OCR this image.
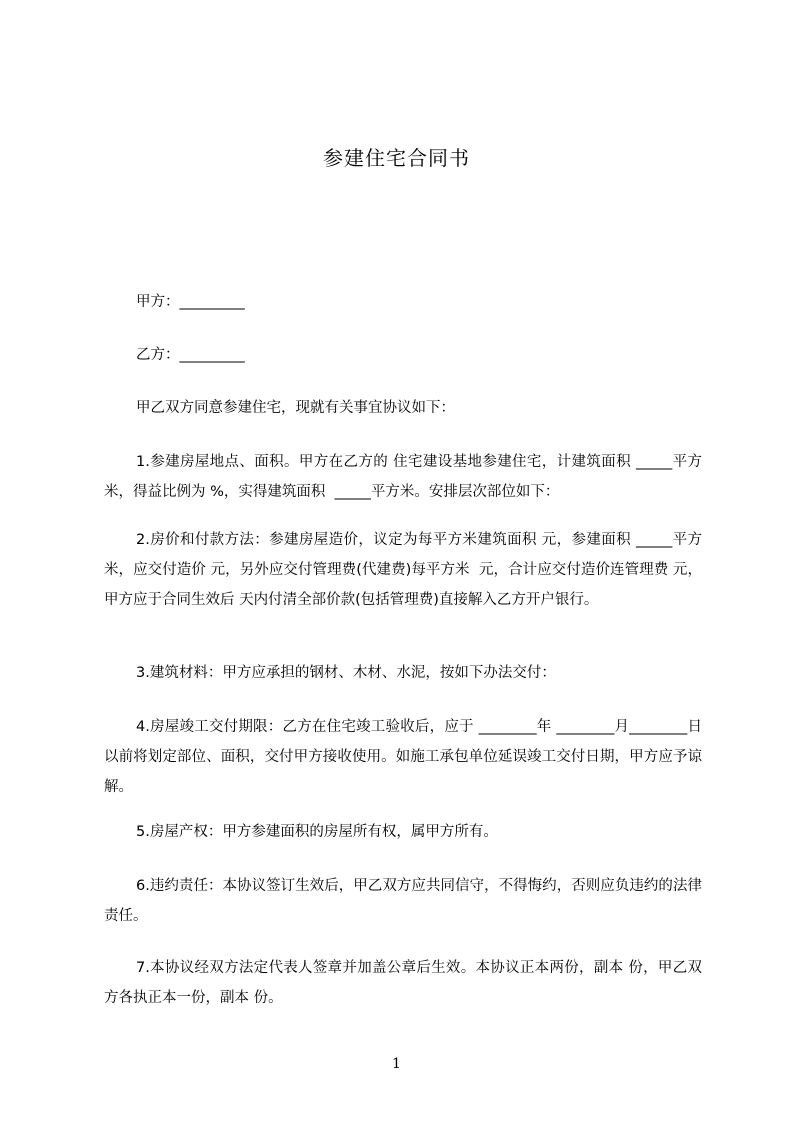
参建住宅合同书

甲方：_________

乙方：_________

甲乙双方同意参建住宅，现就有关事宜协议如下：

1.参建房屋地点、面积。甲方在乙方的 住宅建设基地参建住宅，计建筑面积 _____平方米，得益比例为 %，实得建筑面积  _____平方米。安排层次部位如下：

2.房价和付款方法：参建房屋造价，议定为每平方米建筑面积 元，参建面积 _____平方米，应交付造价 元，另外应交付管理费(代建费)每平方米  元，合计应交付造价连管理费 元，甲方应于合同生效后 天内付清全部价款(包括管理费)直接解入乙方开户银行。

3.建筑材料：甲方应承担的钢材、木材、水泥，按如下办法交付：

4.房屋竣工交付期限：乙方在住宅竣工验收后，应于 ________年 ________月________日以前将划定部位、面积，交付甲方接收使用。如施工承包单位延误竣工交付日期，甲方应予谅解。

5.房屋产权：甲方参建面积的房屋所有权，属甲方所有。

6.违约责任：本协议签订生效后，甲乙双方应共同信守，不得悔约，否则应负违约的法律责任。

7.本协议经双方法定代表人签章并加盖公章后生效。本协议正本两份，副本 份，甲乙双方各执正本一份，副本 份。

1
